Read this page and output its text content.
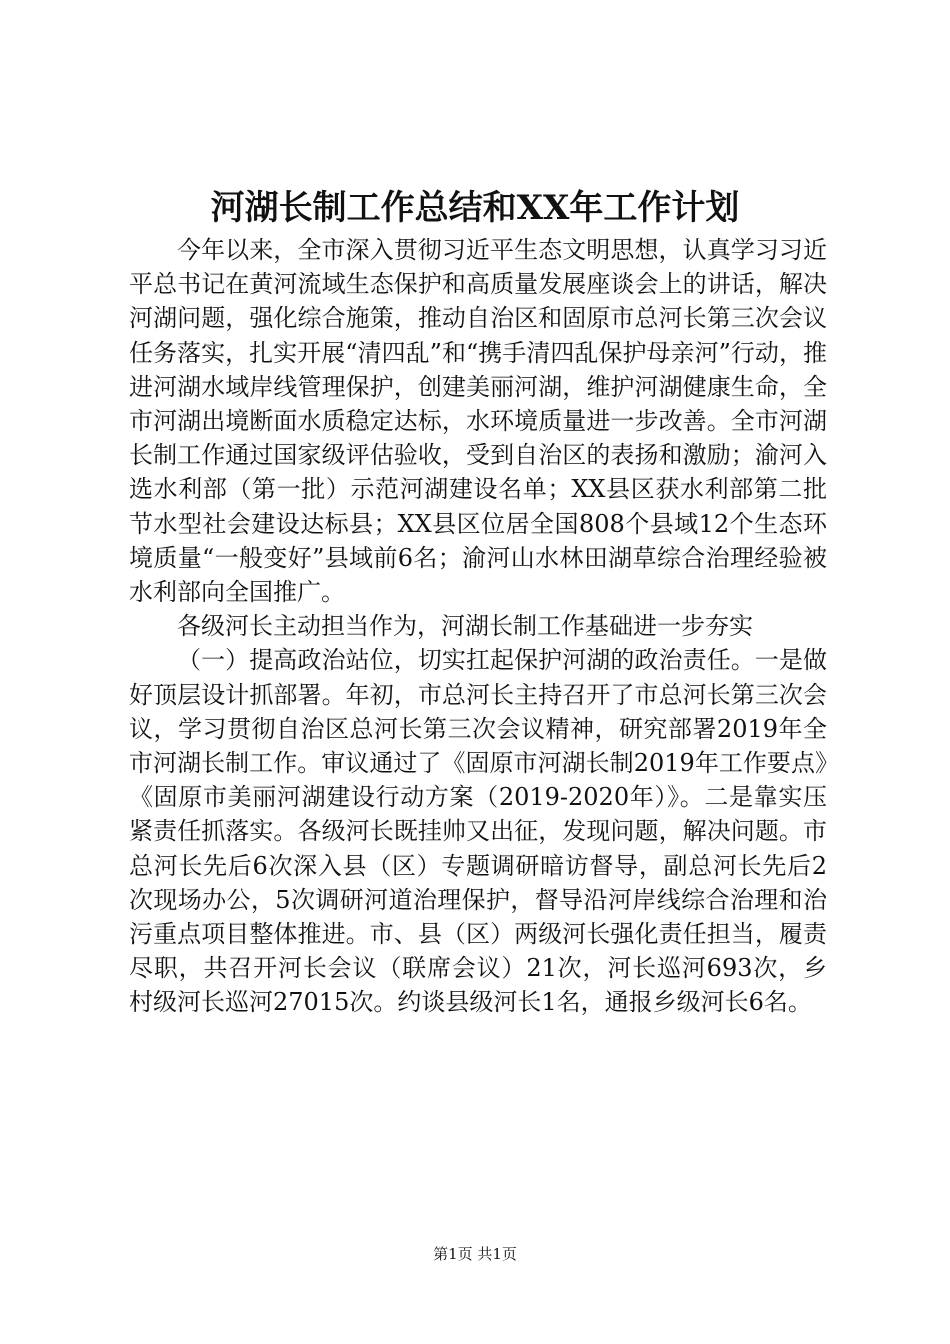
河湖长制工作总结和XX年工作计划

今年以来，全市深入贯彻习近平生态文明思想，认真学习习近平总书记在黄河流域生态保护和高质量发展座谈会上的讲话，解决河湖问题，强化综合施策，推动自治区和固原市总河长第三次会议任务落实，扎实开展“清四乱”和“携手清四乱保护母亲河”行动，推进河湖水域岸线管理保护，创建美丽河湖，维护河湖健康生命，全市河湖出境断面水质稳定达标，水环境质量进一步改善。全市河湖长制工作通过国家级评估验收，受到自治区的表扬和激励；渝河入选水利部（第一批）示范河湖建设名单；XX县区获水利部第二批节水型社会建设达标县；XX县区位居全国808个县域12个生态环境质量“一般变好”县域前6名；渝河山水林田湖草综合治理经验被水利部向全国推广。

各级河长主动担当作为，河湖长制工作基础进一步夯实

（一）提高政治站位，切实扛起保护河湖的政治责任。一是做好顶层设计抓部署。年初，市总河长主持召开了市总河长第三次会议，学习贯彻自治区总河长第三次会议精神，研究部署2019年全市河湖长制工作。审议通过了《固原市河湖长制2019年工作要点》《固原市美丽河湖建设行动方案（2019-2020年）》。二是靠实压紧责任抓落实。各级河长既挂帅又出征，发现问题，解决问题。市总河长先后6次深入县（区）专题调研暗访督导，副总河长先后2次现场办公，5次调研河道治理保护，督导沿河岸线综合治理和治污重点项目整体推进。市、县（区）两级河长强化责任担当，履责尽职，共召开河长会议（联席会议）21次，河长巡河693次，乡村级河长巡河27015次。约谈县级河长1名，通报乡级河长6名。

第1页 共1页
